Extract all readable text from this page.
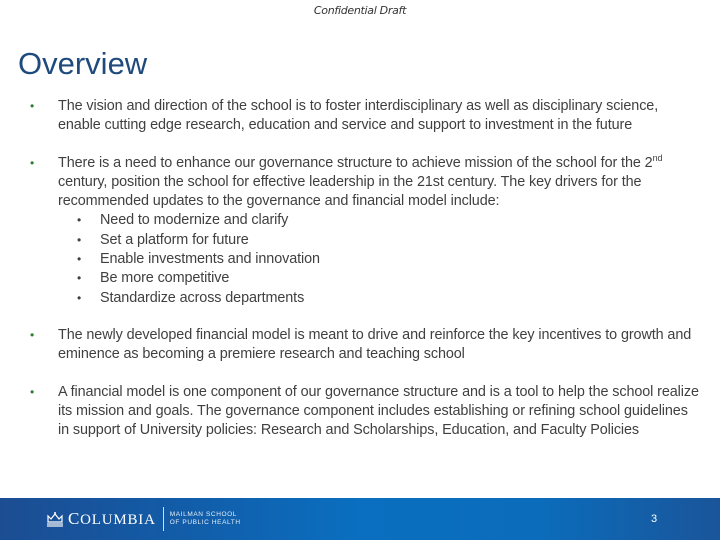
Confidential Draft
Overview
• The vision and direction of the school is to foster interdisciplinary as well as disciplinary science, enable cutting edge research, education and service and support to investment in the future
• There is a need to enhance our governance structure to achieve mission of the school for the 2nd century, position the school for effective leadership in the 21st century. The key drivers for the recommended updates to the governance and financial model include:
• Need to modernize and clarify
• Set a platform for future
• Enable investments and innovation
• Be more competitive
• Standardize across departments
• The newly developed financial model is meant to drive and reinforce the key incentives to growth and eminence as becoming a premiere research and teaching school
• A financial model is one component of our governance structure and is a tool to help the school realize its mission and goals. The governance component includes establishing or refining school guidelines in support of University policies: Research and Scholarships, Education, and Faculty Policies
COLUMBIA MAILMAN SCHOOL
OF PUBLIC HEALTH	3
